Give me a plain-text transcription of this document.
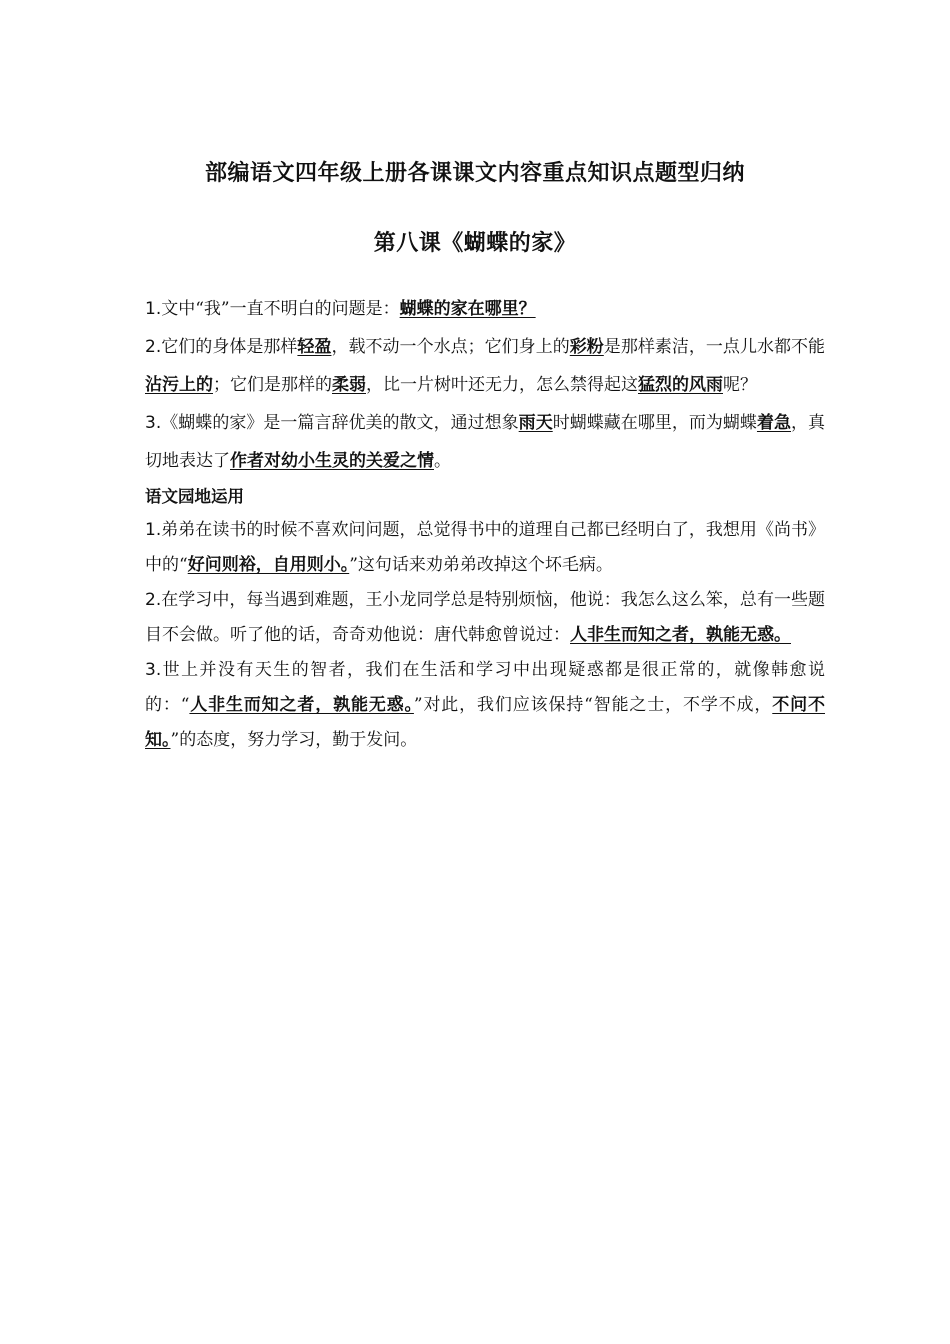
部编语文四年级上册各课课文内容重点知识点题型归纳
第八课《蝴蝶的家》

1.文中“我”一直不明白的问题是：蝴蝶的家在哪里？

2.它们的身体是那样轻盈，载不动一个水点；它们身上的彩粉是那样素洁，一点儿水都不能沾污上的；它们是那样的柔弱，比一片树叶还无力，怎么禁得起这猛烈的风雨呢？

3.《蝴蝶的家》是一篇言辞优美的散文，通过想象雨天时蝴蝶藏在哪里，而为蝴蝶着急，真切地表达了作者对幼小生灵的关爱之情。

语文园地运用

1.弟弟在读书的时候不喜欢问问题，总觉得书中的道理自己都已经明白了，我想用《尚书》中的“好问则裕，自用则小。”这句话来劝弟弟改掉这个坏毛病。

2.在学习中，每当遇到难题，王小龙同学总是特别烦恼，他说：我怎么这么笨，总有一些题目不会做。听了他的话，奇奇劝他说：唐代韩愈曾说过：人非生而知之者，孰能无惑。

3.世上并没有天生的智者，我们在生活和学习中出现疑惑都是很正常的，就像韩愈说的：“人非生而知之者，孰能无惑。”对此，我们应该保持“智能之士，不学不成，不问不知。”的态度，努力学习，勤于发问。
